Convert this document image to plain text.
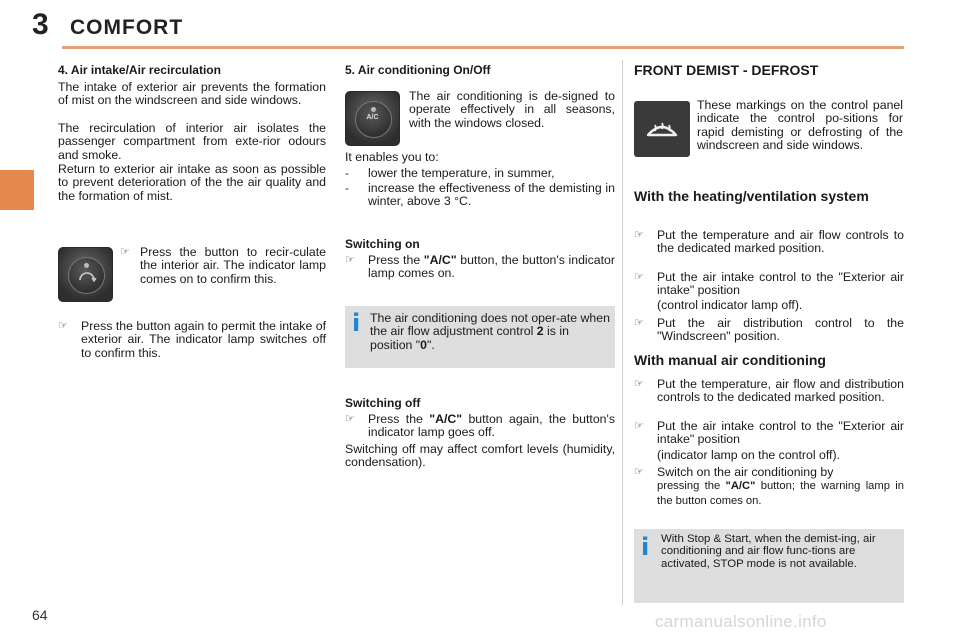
3 COMFORT
4. Air intake/Air recirculation
The intake of exterior air prevents the formation of mist on the windscreen and side windows.
The recirculation of interior air isolates the passenger compartment from exte-rior odours and smoke.
Return to exterior air intake as soon as possible to prevent deterioration of the the air quality and the formation of mist.
☞ Press the button to recir-culate the interior air. The indicator lamp comes on to confirm this.
☞	Press the button again to permit the intake of exterior air. The indicator lamp switches off to confirm this.
5. Air conditioning On/Off
A/C
The air conditioning is de-signed to operate effectively in all seasons, with the windows closed.
It enables you to:
-	lower the temperature, in summer,
-	increase the effectiveness of the demisting in winter, above 3 °C.
Switching on
☞	Press the "A/C" button, the button's indicator lamp comes on.
i The air conditioning does not oper-ate when the air flow adjustment control 2 is in position "0".
Switching off
☞	Press the "A/C" button again, the button's indicator lamp goes off.
Switching off may affect comfort levels (humidity, condensation).
FRONT DEMIST - DEFROST
These markings on the control panel indicate the control po-sitions for rapid demisting or defrosting of the windscreen and side windows.
With the heating/ventilation system
☞	Put the temperature and air flow controls to the dedicated marked position.
☞	Put the air intake control to the "Exterior air intake" position
(control indicator lamp off).
☞	Put the air distribution control to the "Windscreen" position.
With manual air conditioning
☞	Put the temperature, air flow and distribution controls to the dedicated marked position.
☞	Put the air intake control to the "Exterior air intake" position
(indicator lamp on the control off).
☞	Switch on the air conditioning by
pressing the "A/C" button; the warning lamp in the button comes on.
i With Stop & Start, when the demist-ing, air conditioning and air flow func-tions are activated, STOP mode is not available.
64	carmanualsonline.info
